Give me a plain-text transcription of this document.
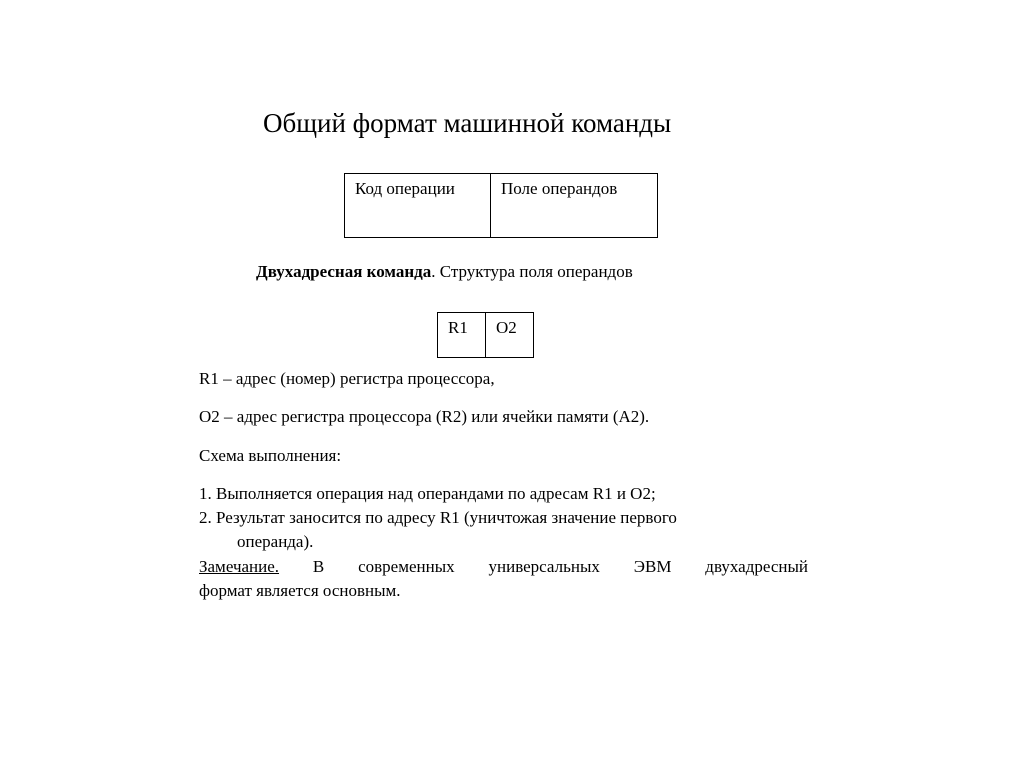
Общий формат машинной команды
Код операции	Поле операндов
Двухадресная команда. Структура поля операндов
R1	O2
R1 – адрес (номер) регистра процессора,
O2 – адрес регистра процессора (R2) или ячейки памяти (A2).
Схема выполнения:
1. Выполняется операция над операндами по адресам R1 и O2;
2. Результат заносится по адресу R1 (уничтожая значение первого
операнда).
Замечание. В современных универсальных ЭВМ двухадресный
формат является основным.
